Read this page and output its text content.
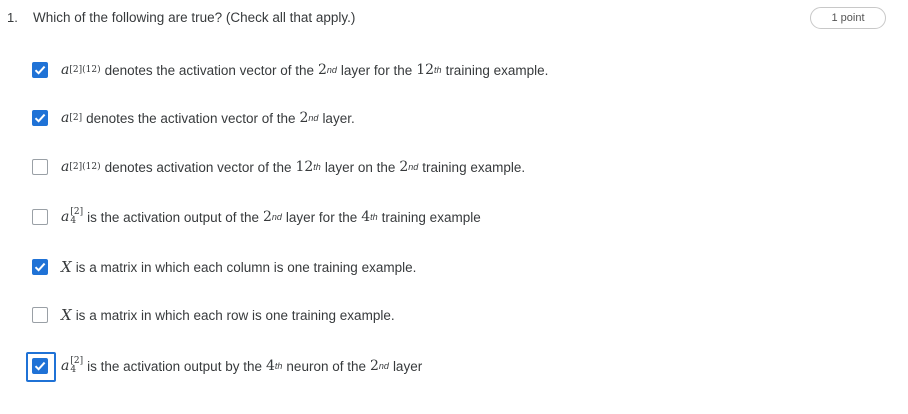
1. Which of the following are true? (Check all that apply.)	1 point
a [2](12) denotes the activation vector of the 2 nd layer for the 12 th training example.
a [2] denotes the activation vector of the 2 nd layer.
a [2](12) denotes activation vector of the 12 th layer on the 2 nd training example.
a [2]
4 is the activation output of the 2 nd layer for the 4 th training example
X is a matrix in which each column is one training example.
X is a matrix in which each row is one training example.
a [2]
4 is the activation output by the 4 th neuron of the 2 nd layer
